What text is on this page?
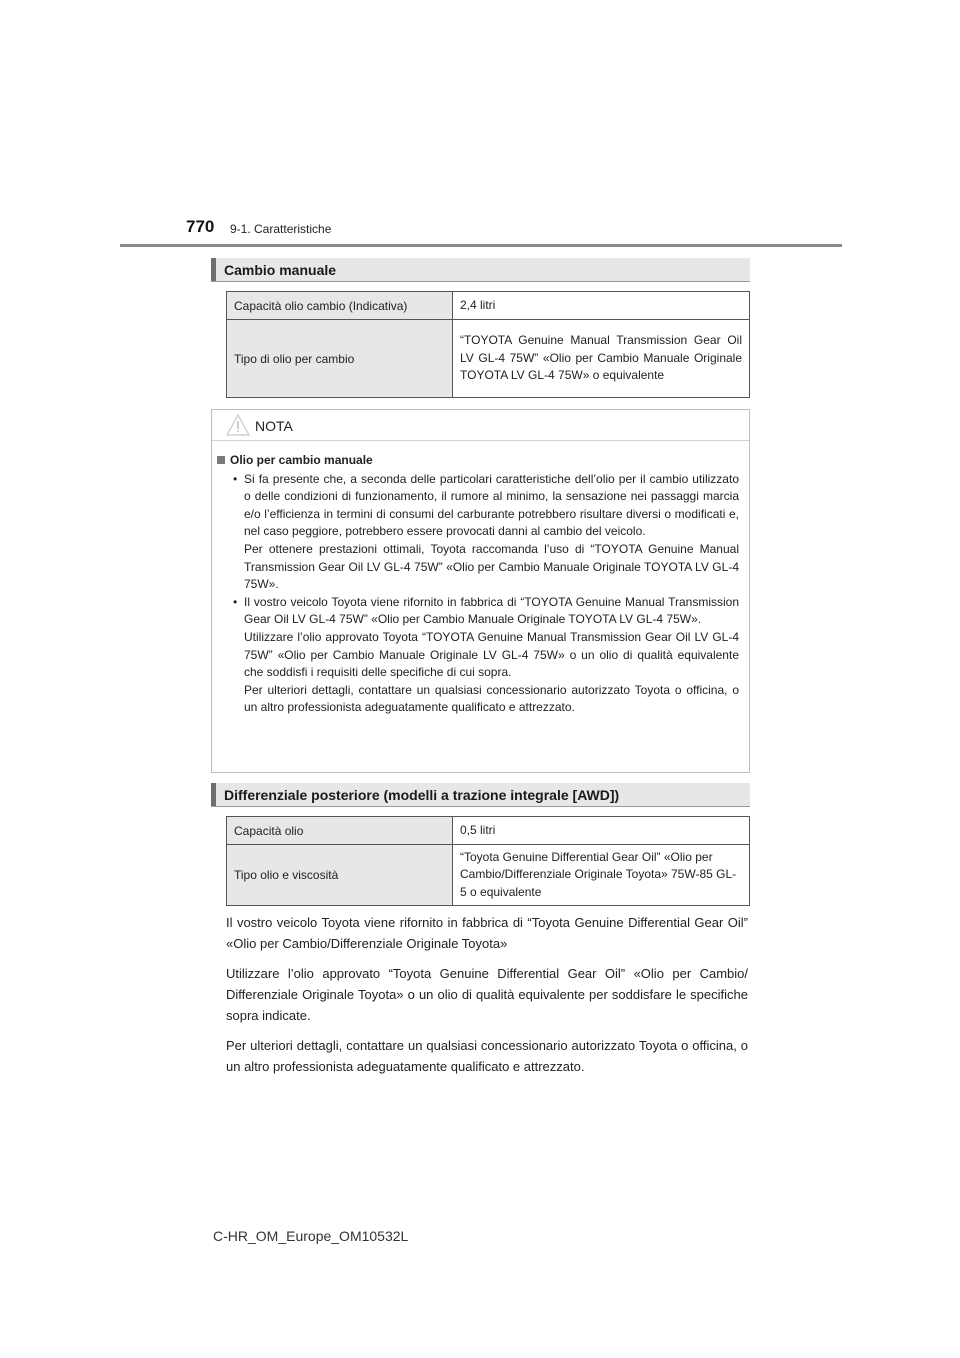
770 9-1. Caratteristiche
Cambio manuale
Capacità olio cambio (Indicativa)	2,4 litri
Tipo di olio per cambio	“TOYOTA Genuine Manual Transmission Gear Oil LV GL-4 75W” «Olio per Cambio Manuale Originale TOYOTA LV GL-4 75W» o equivalente
NOTA
Olio per cambio manuale
• Si fa presente che, a seconda delle particolari caratteristiche dell’olio per il cambio utilizzato o delle condizioni di funzionamento, il rumore al minimo, la sensazione nei passaggi marcia e/o l’efficienza in termini di consumi del carburante potrebbero risultare diversi o modificati e, nel caso peggiore, potrebbero essere provocati danni al cambio del veicolo.

Per ottenere prestazioni ottimali, Toyota raccomanda l’uso di “TOYOTA Genuine Manual Transmission Gear Oil LV GL-4 75W” «Olio per Cambio Manuale Originale TOYOTA LV GL-4 75W».

• Il vostro veicolo Toyota viene rifornito in fabbrica di “TOYOTA Genuine Manual Transmission Gear Oil LV GL-4 75W” «Olio per Cambio Manuale Originale TOYOTA LV GL-4 75W».

Utilizzare l’olio approvato Toyota “TOYOTA Genuine Manual Transmission Gear Oil LV GL-4 75W” «Olio per Cambio Manuale Originale LV GL-4 75W» o un olio di qualità equivalente che soddisfi i requisiti delle specifiche di cui sopra.

Per ulteriori dettagli, contattare un qualsiasi concessionario autorizzato Toyota o officina, o un altro professionista adeguatamente qualificato e attrezzato.

Differenziale posteriore (modelli a trazione integrale [AWD])
Capacità olio	0,5 litri
Tipo olio e viscosità	“Toyota Genuine Differential Gear Oil” «Olio per Cambio/Differenziale Originale Toyota» 75W-85 GL-5 o equivalente

Il vostro veicolo Toyota viene rifornito in fabbrica di “Toyota Genuine Differential Gear Oil” «Olio per Cambio/Differenziale Originale Toyota»

Utilizzare l’olio approvato “Toyota Genuine Differential Gear Oil” «Olio per Cambio/ Differenziale Originale Toyota» o un olio di qualità equivalente per soddisfare le specifiche sopra indicate.

Per ulteriori dettagli, contattare un qualsiasi concessionario autorizzato Toyota o officina, o un altro professionista adeguatamente qualificato e attrezzato.

C-HR_OM_Europe_OM10532L
